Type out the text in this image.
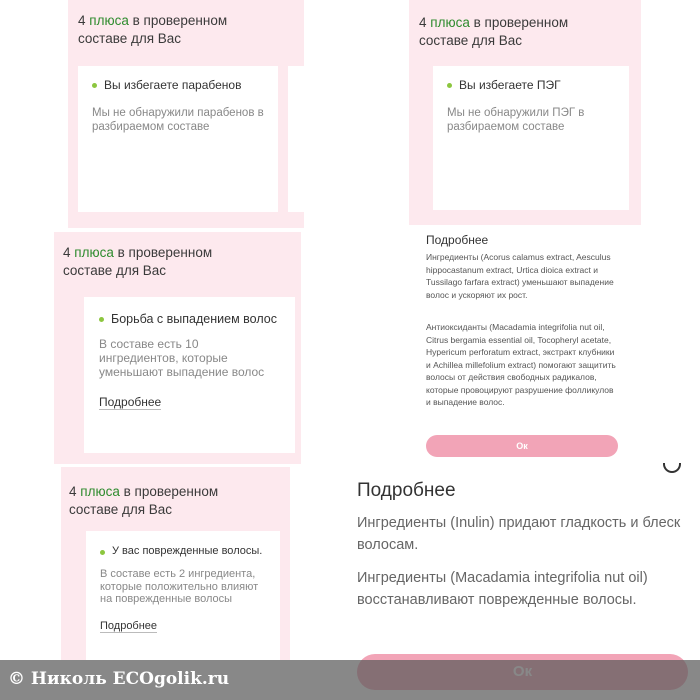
4 плюса в проверенном составе для Вас
Вы избегаете парабенов
Мы не обнаружили парабенов в разбираемом составе
4 плюса в проверенном составе для Вас
Вы избегаете ПЭГ
Мы не обнаружили ПЭГ в разбираемом составе
Подробнее
Ингредиенты (Acorus calamus extract, Aesculus hippocastanum extract, Urtica dioica extract и Tussilago farfara extract) уменьшают выпадение волос и ускоряют их рост.
Антиоксиданты (Macadamia integrifolia nut oil, Citrus bergamia essential oil, Tocopheryl acetate, Hypericum perforatum extract, экстракт клубники и Achillea millefolium extract) помогают защитить волосы от действия свободных радикалов, которые провоцируют разрушение фолликулов и выпадение волос.
Ок
4 плюса в проверенном составе для Вас
Борьба с выпадением волос
В составе есть 10 ингредиентов, которые уменьшают выпадение волос
Подробнее
4 плюса в проверенном составе для Вас
У вас поврежденные волосы.
В составе есть 2 ингредиента, которые положительно влияют на поврежденные волосы
Подробнее
Подробнее
Ингредиенты (Inulin) придают гладкость и блеск волосам.
Ингредиенты (Macadamia integrifolia nut oil) восстанавливают поврежденные волосы.
© Николь ECOgolik.ru
